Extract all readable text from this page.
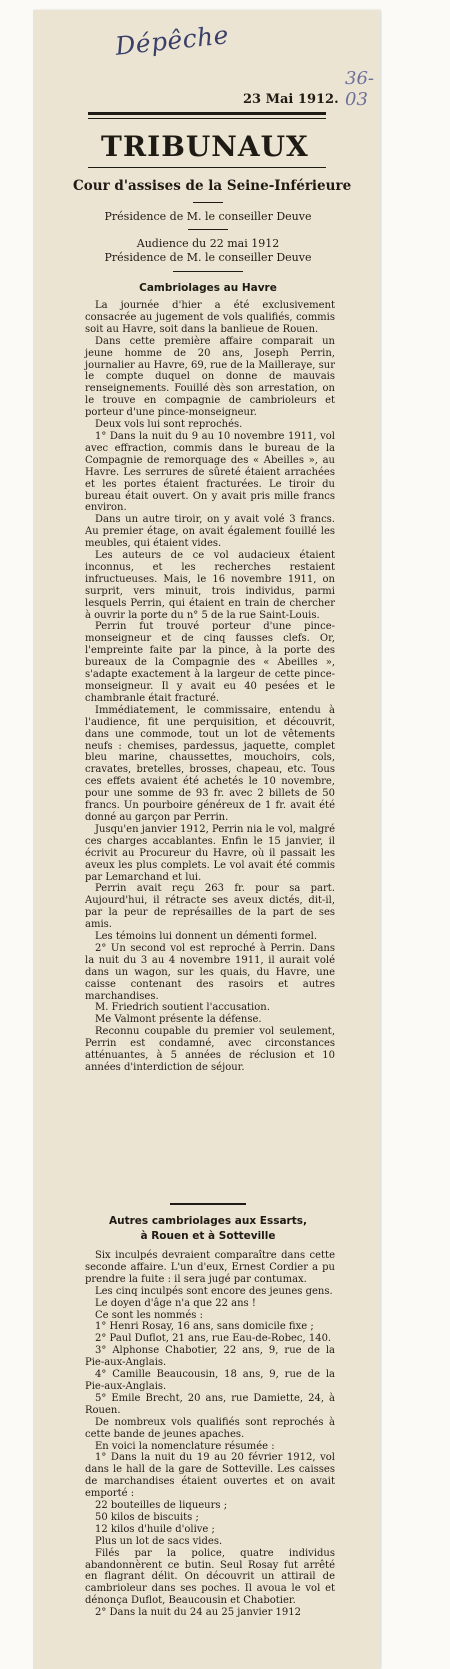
Dépêche
36-03
23 Mai 1912.
TRIBUNAUX
Cour d'assises de la Seine-Inférieure
Présidence de M. le conseiller Deuve
Audience du 22 mai 1912
Présidence de M. le conseiller Deuve
Cambriolages au Havre

La journée d'hier a été exclusivement consacrée au jugement de vols qualifiés, commis soit au Havre, soit dans la banlieue de Rouen.

Dans cette première affaire comparait un jeune homme de 20 ans, Joseph Perrin, journalier au Havre, 69, rue de la Mailleraye, sur le compte duquel on donne de mauvais renseignements. Fouillé dès son arrestation, on le trouve en compagnie de cambrioleurs et porteur d'une pince-monseigneur.

Deux vols lui sont reprochés.

1° Dans la nuit du 9 au 10 novembre 1911, vol avec effraction, commis dans le bureau de la Compagnie de remorquage des « Abeilles », au Havre. Les serrures de sûreté étaient arrachées et les portes étaient fracturées. Le tiroir du bureau était ouvert. On y avait pris mille francs environ.

Dans un autre tiroir, on y avait volé 3 francs. Au premier étage, on avait également fouillé les meubles, qui étaient vides.

Les auteurs de ce vol audacieux étaient inconnus, et les recherches restaient infructueuses. Mais, le 16 novembre 1911, on surprit, vers minuit, trois individus, parmi lesquels Perrin, qui étaient en train de chercher à ouvrir la porte du n° 5 de la rue Saint-Louis.

Perrin fut trouvé porteur d'une pince-monseigneur et de cinq fausses clefs. Or, l'empreinte faite par la pince, à la porte des bureaux de la Compagnie des « Abeilles », s'adapte exactement à la largeur de cette pince-monseigneur. Il y avait eu 40 pesées et le chambranle était fracturé.

Immédiatement, le commissaire, entendu à l'audience, fit une perquisition, et découvrit, dans une commode, tout un lot de vêtements neufs : chemises, pardessus, jaquette, complet bleu marine, chaussettes, mouchoirs, cols, cravates, bretelles, brosses, chapeau, etc. Tous ces effets avaient été achetés le 10 novembre, pour une somme de 93 fr. avec 2 billets de 50 francs. Un pourboire généreux de 1 fr. avait été donné au garçon par Perrin.

Jusqu'en janvier 1912, Perrin nia le vol, malgré ces charges accablantes. Enfin le 15 janvier, il écrivit au Procureur du Havre, où il passait les aveux les plus complets. Le vol avait été commis par Lemarchand et lui.

Perrin avait reçu 263 fr. pour sa part. Aujourd'hui, il rétracte ses aveux dictés, dit-il, par la peur de représailles de la part de ses amis.

Les témoins lui donnent un démenti formel.

2° Un second vol est reproché à Perrin. Dans la nuit du 3 au 4 novembre 1911, il aurait volé dans un wagon, sur les quais, du Havre, une caisse contenant des rasoirs et autres marchandises.

M. Friedrich soutient l'accusation.

Me Valmont présente la défense.

Reconnu coupable du premier vol seulement, Perrin est condamné, avec circonstances atténuantes, à 5 années de réclusion et 10 années d'interdiction de séjour.

Autres cambriolages aux Essarts,
à Rouen et à Sotteville

Six inculpés devraient comparaître dans cette seconde affaire. L'un d'eux, Ernest Cordier a pu prendre la fuite : il sera jugé par contumax.

Les cinq inculpés sont encore des jeunes gens.

Le doyen d'âge n'a que 22 ans !

Ce sont les nommés :

1° Henri Rosay, 16 ans, sans domicile fixe ;

2° Paul Duflot, 21 ans, rue Eau-de-Robec, 140.

3° Alphonse Chabotier, 22 ans, 9, rue de la Pie-aux-Anglais.

4° Camille Beaucousin, 18 ans, 9, rue de la Pie-aux-Anglais.

5° Emile Brecht, 20 ans, rue Damiette, 24, à Rouen.

De nombreux vols qualifiés sont reprochés à cette bande de jeunes apaches.

En voici la nomenclature résumée :

1° Dans la nuit du 19 au 20 février 1912, vol dans le hall de la gare de Sotteville. Les caisses de marchandises étaient ouvertes et on avait emporté :

22 bouteilles de liqueurs ;

50 kilos de biscuits ;

12 kilos d'huile d'olive ;

Plus un lot de sacs vides.

Filés par la police, quatre individus abandonnèrent ce butin. Seul Rosay fut arrêté en flagrant délit. On découvrit un attirail de cambrioleur dans ses poches. Il avoua le vol et dénonça Duflot, Beaucousin et Chabotier.

2° Dans la nuit du 24 au 25 janvier 1912
